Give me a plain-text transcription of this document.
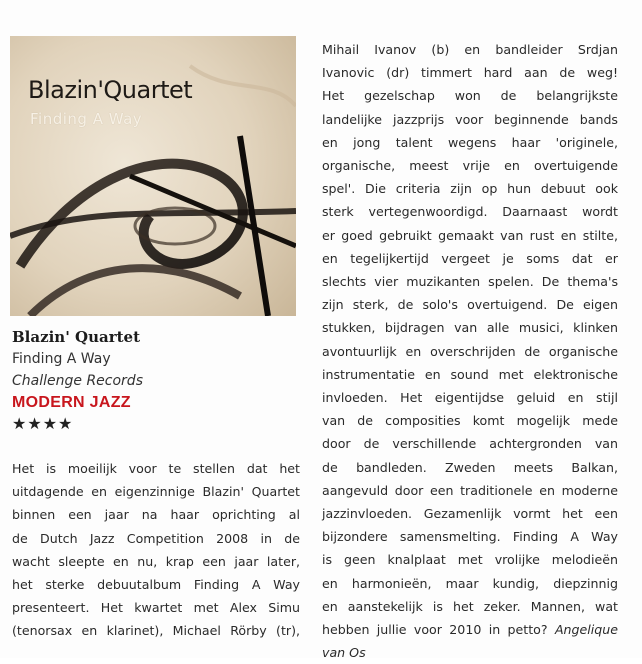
Blazin'Quartet
Finding A Way
Blazin' Quartet
Finding A Way
Challenge Records
MODERN JAZZ
★★★★
Het is moeilijk voor te stellen dat het
uitdagende en eigenzinnige Blazin' Quartet
binnen een jaar na haar oprichting al
de Dutch Jazz Competition 2008 in de
wacht sleepte en nu, krap een jaar later,
het sterke debuutalbum Finding A Way
presenteert. Het kwartet met Alex Simu
(tenorsax en klarinet), Michael Rörby (tr),
Mihail Ivanov (b) en bandleider Srdjan
Ivanovic (dr) timmert hard aan de weg!
Het gezelschap won de belangrijkste
landelijke jazzprijs voor beginnende bands
en jong talent wegens haar 'originele,
organische, meest vrije en overtuigende
spel'. Die criteria zijn op hun debuut ook
sterk vertegenwoordigd. Daarnaast wordt
er goed gebruikt gemaakt van rust en stilte,
en tegelijkertijd vergeet je soms dat er
slechts vier muzikanten spelen. De thema's
zijn sterk, de solo's overtuigend. De eigen
stukken, bijdragen van alle musici, klinken
avontuurlijk en overschrijden de organische
instrumentatie en sound met elektronische
invloeden. Het eigentijdse geluid en stijl
van de composities komt mogelijk mede
door de verschillende achtergronden van
de bandleden. Zweden meets Balkan,
aangevuld door een traditionele en moderne
jazzinvloeden. Gezamenlijk vormt het een
bijzondere samensmelting. Finding A Way
is geen knalplaat met vrolijke melodieën
en harmonieën, maar kundig, diepzinnig
en aanstekelijk is het zeker. Mannen, wat
hebben jullie voor 2010 in petto? Angelique
van Os
